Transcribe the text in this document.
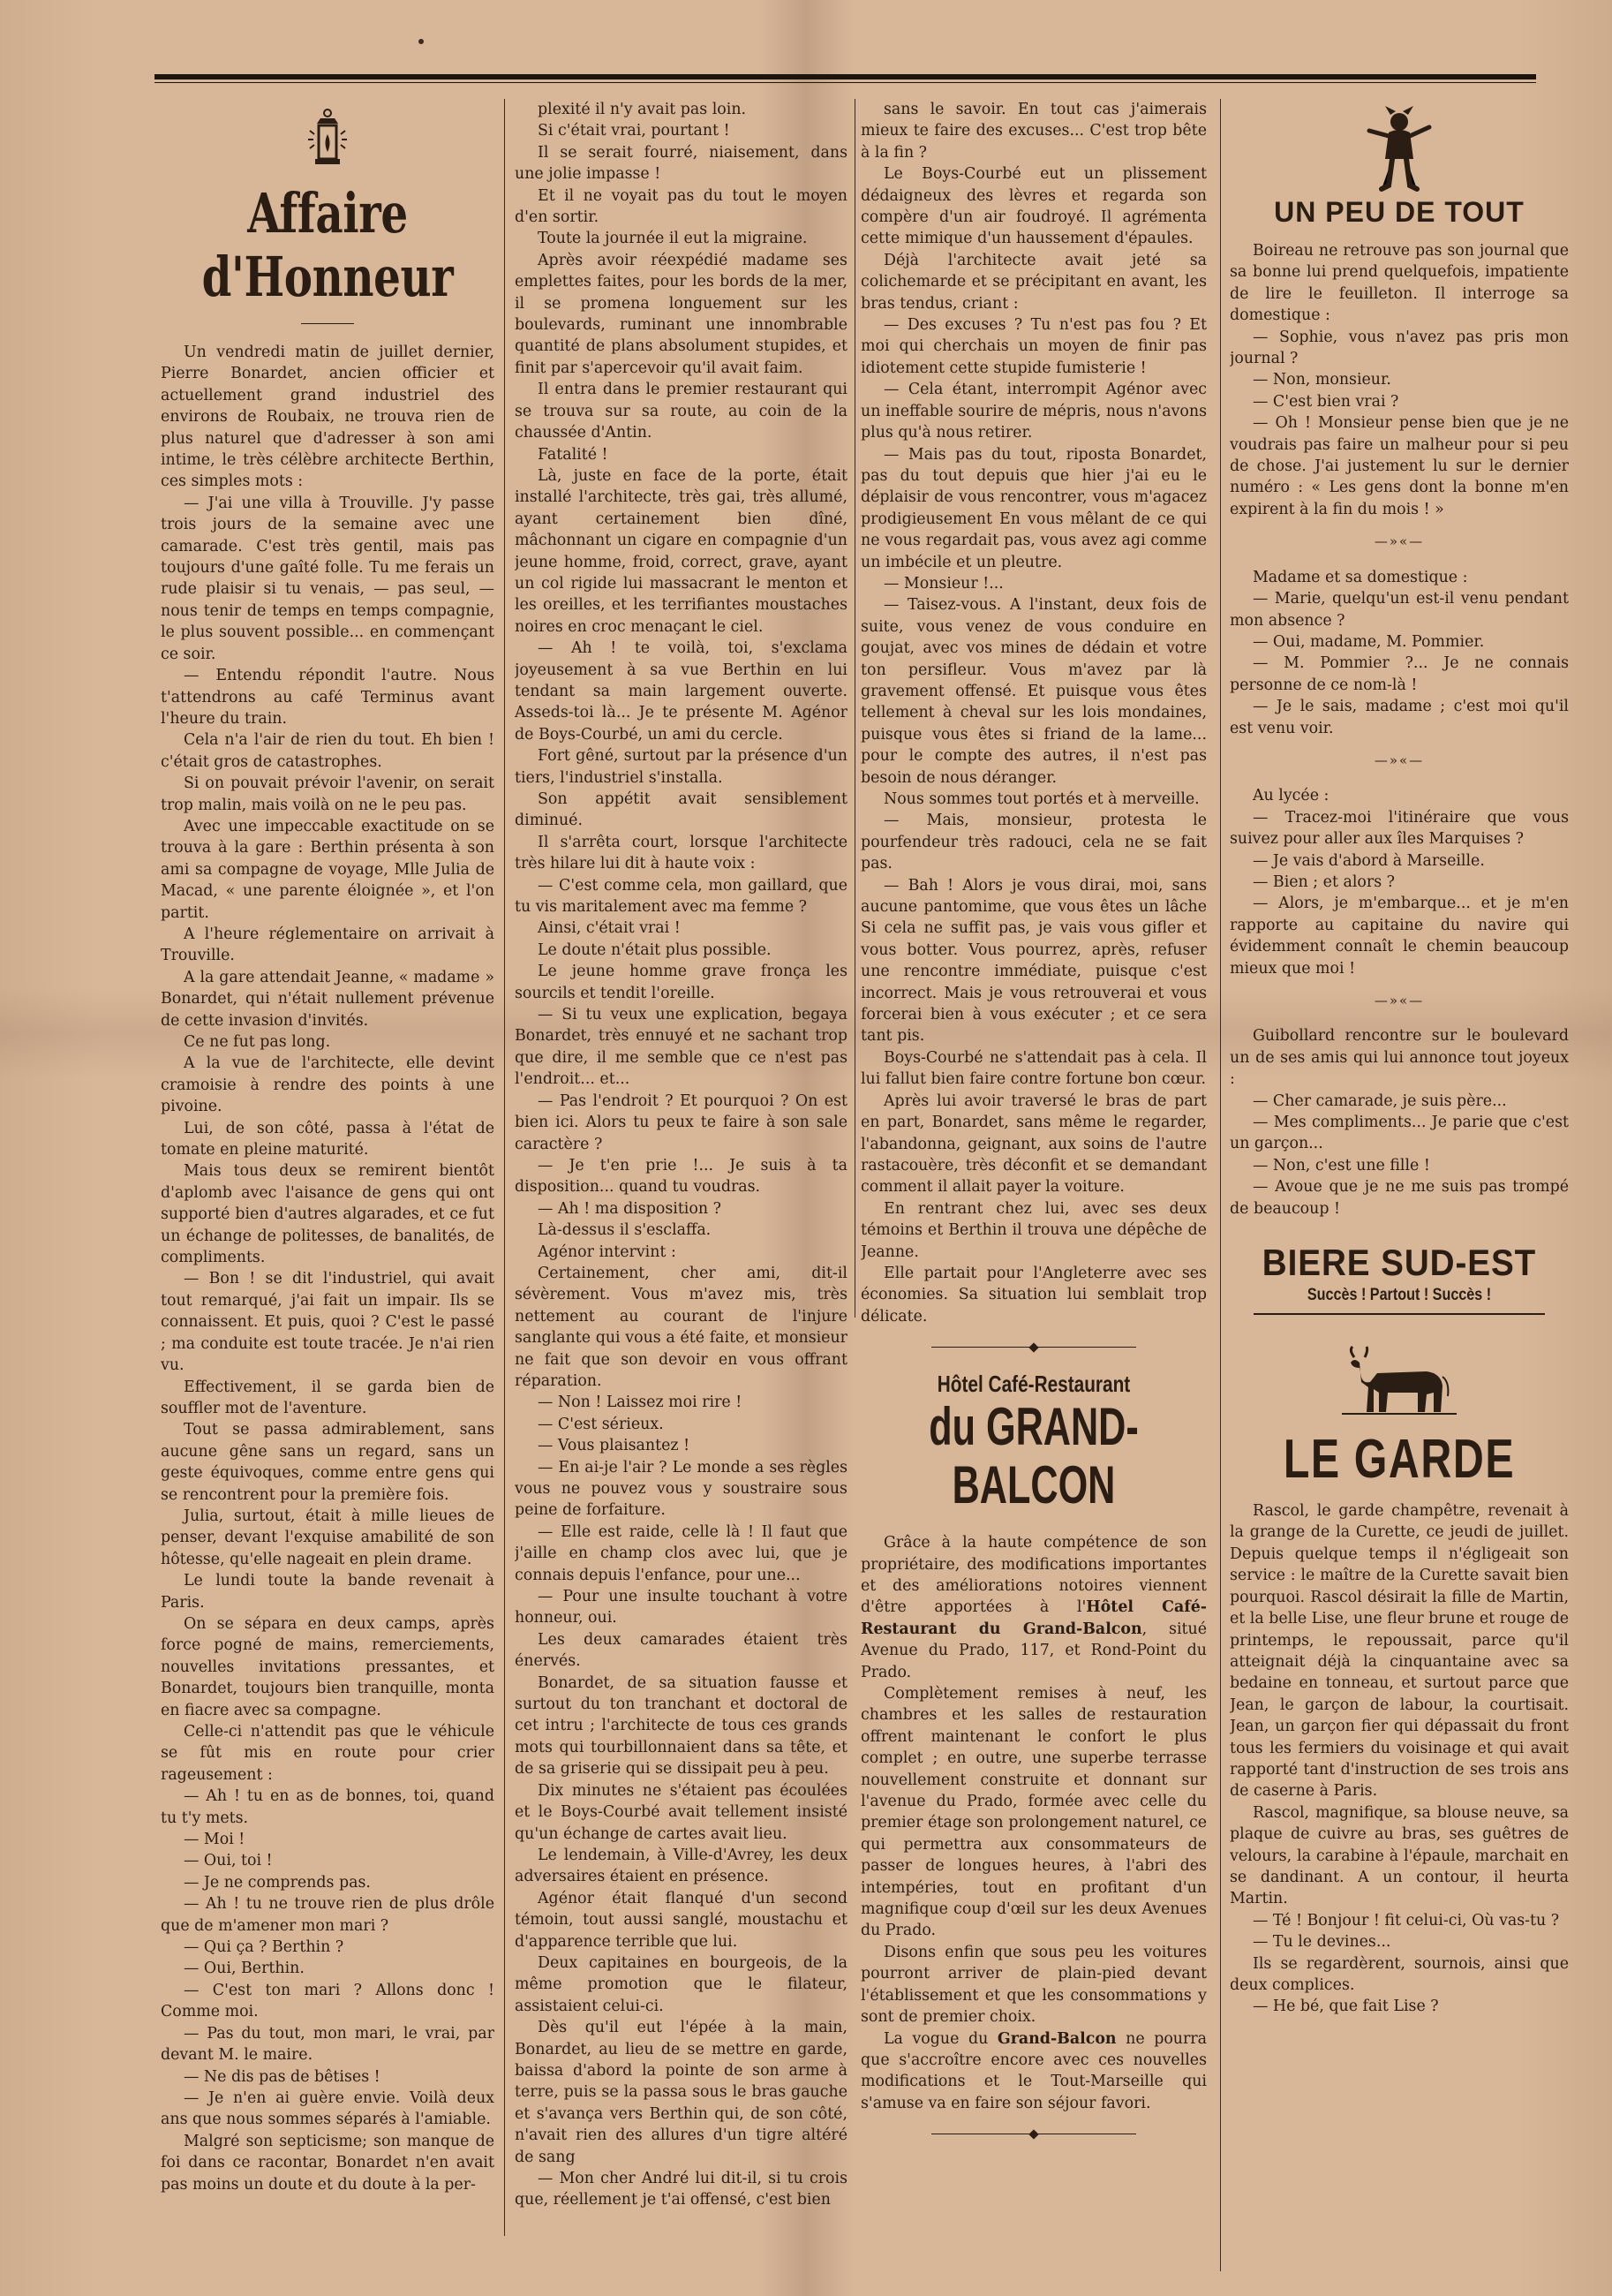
Affaire d'Honneur

Un vendredi matin de juillet dernier, Pierre Bonardet, ancien officier et actuellement grand industriel des environs de Roubaix, ne trouva rien de plus naturel que d'adresser à son ami intime, le très célèbre architecte Berthin, ces simples mots :

— J'ai une villa à Trouville. J'y passe trois jours de la semaine avec une camarade. C'est très gentil, mais pas toujours d'une gaîté folle. Tu me ferais un rude plaisir si tu venais, — pas seul, — nous tenir de temps en temps compagnie, le plus souvent possible... en commençant ce soir.

— Entendu répondit l'autre. Nous t'attendrons au café Terminus avant l'heure du train.

Cela n'a l'air de rien du tout. Eh bien ! c'était gros de catastrophes.

Si on pouvait prévoir l'avenir, on serait trop malin, mais voilà on ne le peu pas.

Avec une impeccable exactitude on se trouva à la gare : Berthin présenta à son ami sa compagne de voyage, Mlle Julia de Macad, « une parente éloignée », et l'on partit.

A l'heure réglementaire on arrivait à Trouville.

A la gare attendait Jeanne, « madame » Bonardet, qui n'était nullement prévenue de cette invasion d'invités.

Ce ne fut pas long.

A la vue de l'architecte, elle devint cramoisie à rendre des points à une pivoine.

Lui, de son côté, passa à l'état de tomate en pleine maturité.

Mais tous deux se remirent bientôt d'aplomb avec l'aisance de gens qui ont supporté bien d'autres algarades, et ce fut un échange de politesses, de banalités, de compliments.

— Bon ! se dit l'industriel, qui avait tout remarqué, j'ai fait un impair. Ils se connaissent. Et puis, quoi ? C'est le passé ; ma conduite est toute tracée. Je n'ai rien vu.

Effectivement, il se garda bien de souffler mot de l'aventure.

Tout se passa admirablement, sans aucune gêne sans un regard, sans un geste équivoques, comme entre gens qui se rencontrent pour la première fois.

Julia, surtout, était à mille lieues de penser, devant l'exquise amabilité de son hôtesse, qu'elle nageait en plein drame.

Le lundi toute la bande revenait à Paris.

On se sépara en deux camps, après force pogné de mains, remerciements, nouvelles invitations pressantes, et Bonardet, toujours bien tranquille, monta en fiacre avec sa compagne.

Celle-ci n'attendit pas que le véhicule se fût mis en route pour crier rageusement :

— Ah ! tu en as de bonnes, toi, quand tu t'y mets.

— Moi !

— Oui, toi !

— Je ne comprends pas.

— Ah ! tu ne trouve rien de plus drôle que de m'amener mon mari ?

— Qui ça ? Berthin ?

— Oui, Berthin.

— C'est ton mari ? Allons donc ! Comme moi.

— Pas du tout, mon mari, le vrai, par devant M. le maire.

— Ne dis pas de bêtises !

— Je n'en ai guère envie. Voilà deux ans que nous sommes séparés à l'amiable.

Malgré son septicisme; son manque de foi dans ce racontar, Bonardet n'en avait pas moins un doute et du doute à la per-

plexité il n'y avait pas loin.

Si c'était vrai, pourtant !

Il se serait fourré, niaisement, dans une jolie impasse !

Et il ne voyait pas du tout le moyen d'en sortir.

Toute la journée il eut la migraine.

Après avoir réexpédié madame ses emplettes faites, pour les bords de la mer, il se promena longuement sur les boulevards, ruminant une innombrable quantité de plans absolument stupides, et finit par s'apercevoir qu'il avait faim.

Il entra dans le premier restaurant qui se trouva sur sa route, au coin de la chaussée d'Antin.

Fatalité !

Là, juste en face de la porte, était installé l'architecte, très gai, très allumé, ayant certainement bien dîné, mâchonnant un cigare en compagnie d'un jeune homme, froid, correct, grave, ayant un col rigide lui massacrant le menton et les oreilles, et les terrifiantes moustaches noires en croc menaçant le ciel.

— Ah ! te voilà, toi, s'exclama joyeusement à sa vue Berthin en lui tendant sa main largement ouverte. Asseds-toi là... Je te présente M. Agénor de Boys-Courbé, un ami du cercle.

Fort gêné, surtout par la présence d'un tiers, l'industriel s'installa.

Son appétit avait sensiblement diminué.

Il s'arrêta court, lorsque l'architecte très hilare lui dit à haute voix :

— C'est comme cela, mon gaillard, que tu vis maritalement avec ma femme ?

Ainsi, c'était vrai !

Le doute n'était plus possible.

Le jeune homme grave fronça les sourcils et tendit l'oreille.

— Si tu veux une explication, begaya Bonardet, très ennuyé et ne sachant trop que dire, il me semble que ce n'est pas l'endroit... et...

— Pas l'endroit ? Et pourquoi ? On est bien ici. Alors tu peux te faire à son sale caractère ?

— Je t'en prie !... Je suis à ta disposition... quand tu voudras.

— Ah ! ma disposition ?

Là-dessus il s'esclaffa.

Agénor intervint :

Certainement, cher ami, dit-il sévèrement. Vous m'avez mis, très nettement au courant de l'injure sanglante qui vous a été faite, et monsieur ne fait que son devoir en vous offrant réparation.

— Non ! Laissez moi rire !

— C'est sérieux.

— Vous plaisantez !

— En ai-je l'air ? Le monde a ses règles vous ne pouvez vous y soustraire sous peine de forfaiture.

— Elle est raide, celle là ! Il faut que j'aille en champ clos avec lui, que je connais depuis l'enfance, pour une...

— Pour une insulte touchant à votre honneur, oui.

Les deux camarades étaient très énervés.

Bonardet, de sa situation fausse et surtout du ton tranchant et doctoral de cet intru ; l'architecte de tous ces grands mots qui tourbillonnaient dans sa tête, et de sa griserie qui se dissipait peu à peu.

Dix minutes ne s'étaient pas écoulées et le Boys-Courbé avait tellement insisté qu'un échange de cartes avait lieu.

Le lendemain, à Ville-d'Avrey, les deux adversaires étaient en présence.

Agénor était flanqué d'un second témoin, tout aussi sanglé, moustachu et d'apparence terrible que lui.

Deux capitaines en bourgeois, de la même promotion que le filateur, assistaient celui-ci.

Dès qu'il eut l'épée à la main, Bonardet, au lieu de se mettre en garde, baissa d'abord la pointe de son arme à terre, puis se la passa sous le bras gauche et s'avança vers Berthin qui, de son côté, n'avait rien des allures d'un tigre altéré de sang

— Mon cher André lui dit-il, si tu crois que, réellement je t'ai offensé, c'est bien

sans le savoir. En tout cas j'aimerais mieux te faire des excuses... C'est trop bête à la fin ?

Le Boys-Courbé eut un plissement dédaigneux des lèvres et regarda son compère d'un air foudroyé. Il agrémenta cette mimique d'un haussement d'épaules.

Déjà l'architecte avait jeté sa colichemarde et se précipitant en avant, les bras tendus, criant :

— Des excuses ? Tu n'est pas fou ? Et moi qui cherchais un moyen de finir pas idiotement cette stupide fumisterie !

— Cela étant, interrompit Agénor avec un ineffable sourire de mépris, nous n'avons plus qu'à nous retirer.

— Mais pas du tout, riposta Bonardet, pas du tout depuis que hier j'ai eu le déplaisir de vous rencontrer, vous m'agacez prodigieusement En vous mêlant de ce qui ne vous regardait pas, vous avez agi comme un imbécile et un pleutre.

— Monsieur !...

— Taisez-vous. A l'instant, deux fois de suite, vous venez de vous conduire en goujat, avec vos mines de dédain et votre ton persifleur. Vous m'avez par là gravement offensé. Et puisque vous êtes tellement à cheval sur les lois mondaines, puisque vous êtes si friand de la lame... pour le compte des autres, il n'est pas besoin de nous déranger.

Nous sommes tout portés et à merveille.

— Mais, monsieur, protesta le pourfendeur très radouci, cela ne se fait pas.

— Bah ! Alors je vous dirai, moi, sans aucune pantomime, que vous êtes un lâche Si cela ne suffit pas, je vais vous gifler et vous botter. Vous pourrez, après, refuser une rencontre immédiate, puisque c'est incorrect. Mais je vous retrouverai et vous forcerai bien à vous exécuter ; et ce sera tant pis.

Boys-Courbé ne s'attendait pas à cela. Il lui fallut bien faire contre fortune bon cœur.

Après lui avoir traversé le bras de part en part, Bonardet, sans même le regarder, l'abandonna, geignant, aux soins de l'autre rastacouère, très déconfit et se demandant comment il allait payer la voiture.

En rentrant chez lui, avec ses deux témoins et Berthin il trouva une dépêche de Jeanne.

Elle partait pour l'Angleterre avec ses économies. Sa situation lui semblait trop délicate.

Hôtel Café-Restaurant
du GRAND-BALCON

Grâce à la haute compétence de son propriétaire, des modifications importantes et des améliorations notoires viennent d'être apportées à l'Hôtel Café-Restaurant du Grand-Balcon, situé Avenue du Prado, 117, et Rond-Point du Prado.

Complètement remises à neuf, les chambres et les salles de restauration offrent maintenant le confort le plus complet ; en outre, une superbe terrasse nouvellement construite et donnant sur l'avenue du Prado, formée avec celle du premier étage son prolongement naturel, ce qui permettra aux consommateurs de passer de longues heures, à l'abri des intempéries, tout en profitant d'un magnifique coup d'œil sur les deux Avenues du Prado.

Disons enfin que sous peu les voitures pourront arriver de plain-pied devant l'établissement et que les consommations y sont de premier choix.

La vogue du Grand-Balcon ne pourra que s'accroître encore avec ces nouvelles modifications et le Tout-Marseille qui s'amuse va en faire son séjour favori.

UN PEU DE TOUT

Boireau ne retrouve pas son journal que sa bonne lui prend quelquefois, impatiente de lire le feuilleton. Il interroge sa domestique :

— Sophie, vous n'avez pas pris mon journal ?

— Non, monsieur.

— C'est bien vrai ?

— Oh ! Monsieur pense bien que je ne voudrais pas faire un malheur pour si peu de chose. J'ai justement lu sur le dernier numéro : « Les gens dont la bonne m'en expirent à la fin du mois ! »

—»«—

Madame et sa domestique :

— Marie, quelqu'un est-il venu pendant mon absence ?

— Oui, madame, M. Pommier.

— M. Pommier ?... Je ne connais personne de ce nom-là !

— Je le sais, madame ; c'est moi qu'il est venu voir.

—»«—

Au lycée :

— Tracez-moi l'itinéraire que vous suivez pour aller aux îles Marquises ?

— Je vais d'abord à Marseille.

— Bien ; et alors ?

— Alors, je m'embarque... et je m'en rapporte au capitaine du navire qui évidemment connaît le chemin beaucoup mieux que moi !

—»«—

Guibollard rencontre sur le boulevard un de ses amis qui lui annonce tout joyeux :

— Cher camarade, je suis père...

— Mes compliments... Je parie que c'est un garçon...

— Non, c'est une fille !

— Avoue que je ne me suis pas trompé de beaucoup !

BIERE SUD-EST
Succès ! Partout ! Succès !
LE GARDE

Rascol, le garde champêtre, revenait à la grange de la Curette, ce jeudi de juillet. Depuis quelque temps il n'égligeait son service : le maître de la Curette savait bien pourquoi. Rascol désirait la fille de Martin, et la belle Lise, une fleur brune et rouge de printemps, le repoussait, parce qu'il atteignait déjà la cinquantaine avec sa bedaine en tonneau, et surtout parce que Jean, le garçon de labour, la courtisait. Jean, un garçon fier qui dépassait du front tous les fermiers du voisinage et qui avait rapporté tant d'instruction de ses trois ans de caserne à Paris.

Rascol, magnifique, sa blouse neuve, sa plaque de cuivre au bras, ses guêtres de velours, la carabine à l'épaule, marchait en se dandinant. A un contour, il heurta Martin.

— Té ! Bonjour ! fit celui-ci, Où vas-tu ?

— Tu le devines...

Ils se regardèrent, sournois, ainsi que deux complices.

— He bé, que fait Lise ?
